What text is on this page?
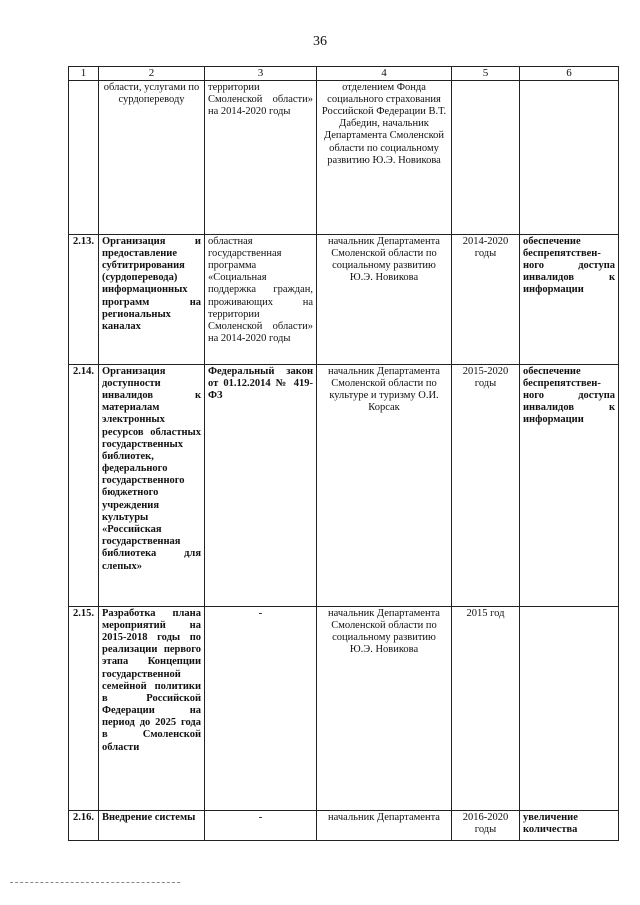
36
1	2	3	4	5	6
	области, услугами по сурдопереводу	территории Смоленской области» на 2014-2020 годы	отделением Фонда социального страхования Российской Федерации В.Т. Дабедин, начальник Департамента Смоленской области по социальному развитию Ю.Э. Новикова		
2.13.	Организация и предоставление субтитрирования (сурдоперевода) информационных программ на региональных каналах	областная государственная программа «Социальная поддержка граждан, проживающих на территории Смоленской области» на 2014-2020 годы	начальник Департамента Смоленской области по социальному развитию Ю.Э. Новикова	2014-2020 годы	обеспечение беспрепятствен-ного доступа инвалидов к информации
2.14.	Организация доступности инвалидов к материалам электронных ресурсов областных государственных библиотек, федерального государственного бюджетного учреждения культуры «Российская государственная библиотека для слепых»	Федеральный закон от 01.12.2014 № 419-ФЗ	начальник Департамента Смоленской области по культуре и туризму О.И. Корсак	2015-2020 годы	обеспечение беспрепятствен-ного доступа инвалидов к информации
2.15.	Разработка плана мероприятий на 2015-2018 годы по реализации первого этапа Концепции государственной семейной политики в Российской Федерации на период до 2025 года в Смоленской области	-	начальник Департамента Смоленской области по социальному развитию Ю.Э. Новикова	2015 год	
2.16.	Внедрение системы	-	начальник Департамента	2016-2020 годы	увеличение количества
